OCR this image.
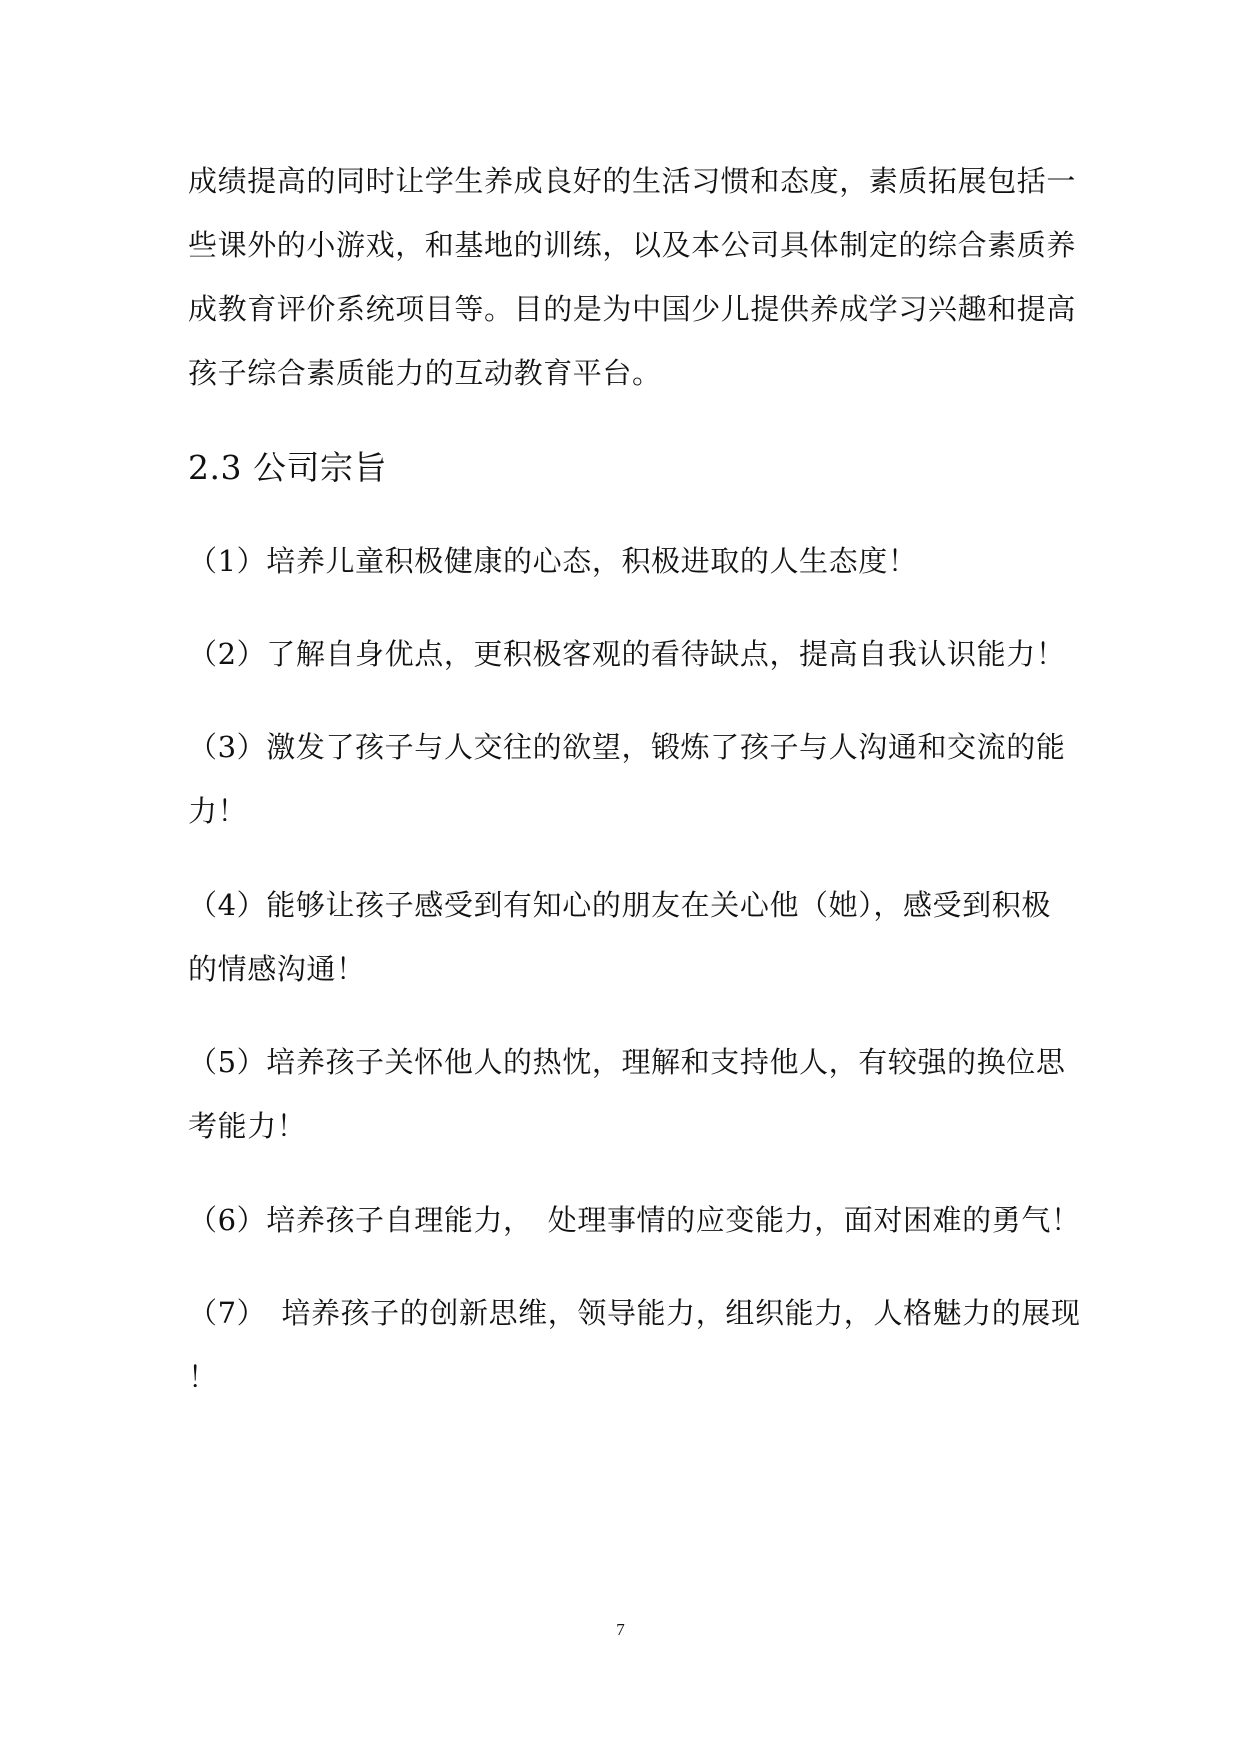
成绩提高的同时让学生养成良好的生活习惯和态度，素质拓展包括一
些课外的小游戏，和基地的训练，以及本公司具体制定的综合素质养
成教育评价系统项目等。目的是为中国少儿提供养成学习兴趣和提高
孩子综合素质能力的互动教育平台。
2.3 公司宗旨
（1）培养儿童积极健康的心态，积极进取的人生态度！
（2）了解自身优点，更积极客观的看待缺点，提高自我认识能力！
（3）激发了孩子与人交往的欲望，锻炼了孩子与人沟通和交流的能
力！
（4）能够让孩子感受到有知心的朋友在关心他（她），感受到积极
的情感沟通！
（5）培养孩子关怀他人的热忱，理解和支持他人，有较强的换位思
考能力！
（6）培养孩子自理能力，　处理事情的应变能力，面对困难的勇气！
（7）　培养孩子的创新思维，领导能力，组织能力，人格魅力的展现
！
7
